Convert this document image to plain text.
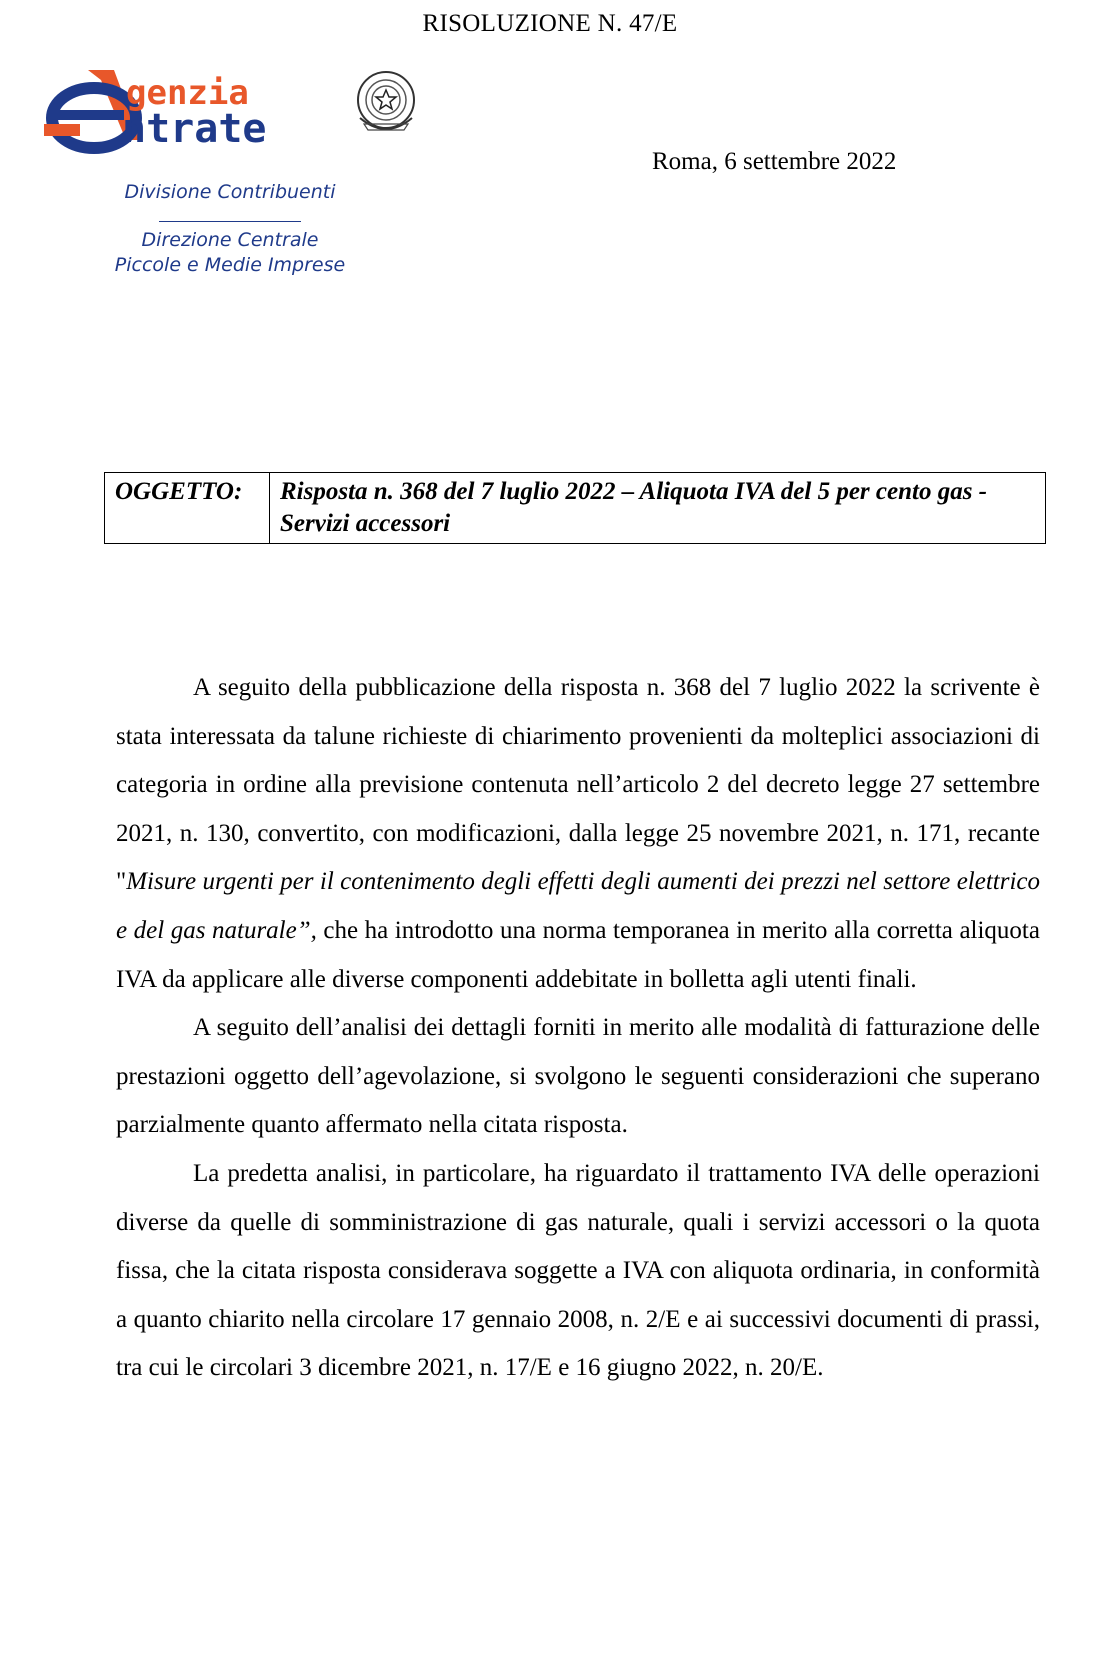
RISOLUZIONE N. 47/E
genzia
ntrate
Divisione Contribuenti
Direzione Centrale
Piccole e Medie Imprese
Roma, 6 settembre 2022
OGGETTO:	Risposta n. 368 del 7 luglio 2022 – Aliquota IVA del 5 per cento gas - Servizi accessori

A seguito della pubblicazione della risposta n. 368 del 7 luglio 2022 la scrivente è stata interessata da talune richieste di chiarimento provenienti da molteplici associazioni di categoria in ordine alla previsione contenuta nell’articolo 2 del decreto legge 27 settembre 2021, n. 130, convertito, con modificazioni, dalla legge 25 novembre 2021, n. 171, recante "Misure urgenti per il contenimento degli effetti degli aumenti dei prezzi nel settore elettrico e del gas naturale”, che ha introdotto una norma temporanea in merito alla corretta aliquota IVA da applicare alle diverse componenti addebitate in bolletta agli utenti finali.

A seguito dell’analisi dei dettagli forniti in merito alle modalità di fatturazione delle prestazioni oggetto dell’agevolazione, si svolgono le seguenti considerazioni che superano parzialmente quanto affermato nella citata risposta.

La predetta analisi, in particolare, ha riguardato il trattamento IVA delle operazioni diverse da quelle di somministrazione di gas naturale, quali i servizi accessori o la quota fissa, che la citata risposta considerava soggette a IVA con aliquota ordinaria, in conformità a quanto chiarito nella circolare 17 gennaio 2008, n. 2/E e ai successivi documenti di prassi, tra cui le circolari 3 dicembre 2021, n. 17/E e 16 giugno 2022, n. 20/E.
